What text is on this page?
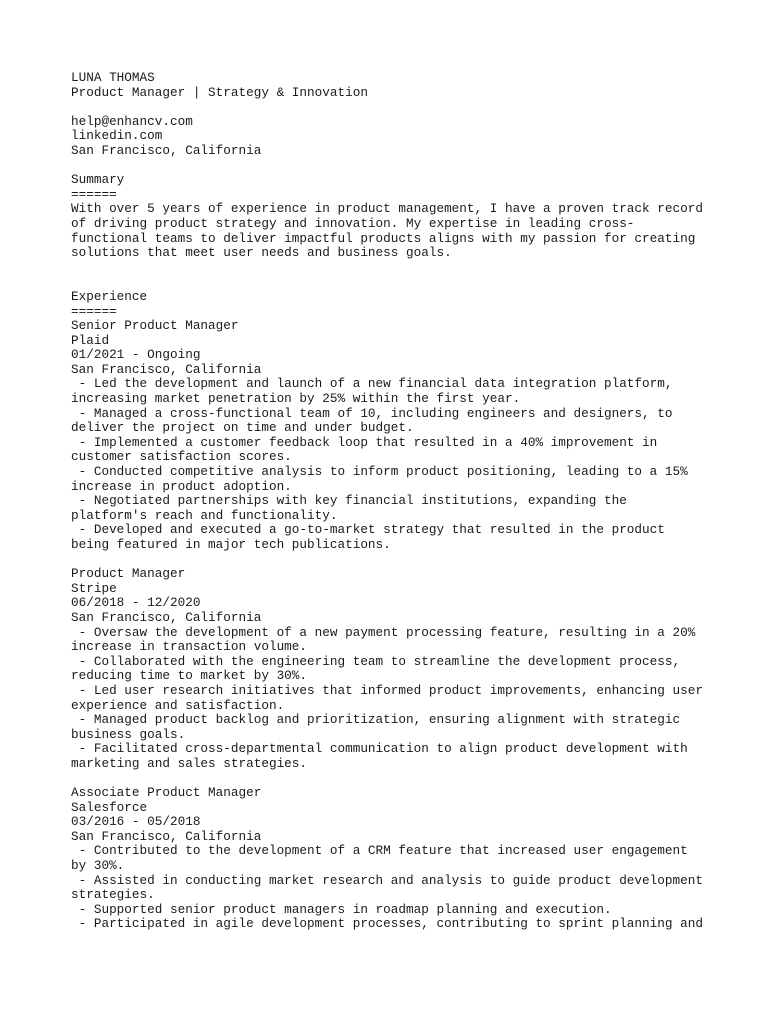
LUNA THOMAS
Product Manager | Strategy & Innovation
help@enhancv.com
linkedin.com
San Francisco, California
Summary
======
With over 5 years of experience in product management, I have a proven track record
of driving product strategy and innovation. My expertise in leading cross-
functional teams to deliver impactful products aligns with my passion for creating
solutions that meet user needs and business goals.
Experience
======
Senior Product Manager
Plaid
01/2021 - Ongoing
San Francisco, California
- Led the development and launch of a new financial data integration platform,
increasing market penetration by 25% within the first year.
- Managed a cross-functional team of 10, including engineers and designers, to
deliver the project on time and under budget.
- Implemented a customer feedback loop that resulted in a 40% improvement in
customer satisfaction scores.
- Conducted competitive analysis to inform product positioning, leading to a 15%
increase in product adoption.
- Negotiated partnerships with key financial institutions, expanding the
platform's reach and functionality.
- Developed and executed a go-to-market strategy that resulted in the product
being featured in major tech publications.
Product Manager
Stripe
06/2018 - 12/2020
San Francisco, California
- Oversaw the development of a new payment processing feature, resulting in a 20%
increase in transaction volume.
- Collaborated with the engineering team to streamline the development process,
reducing time to market by 30%.
- Led user research initiatives that informed product improvements, enhancing user
experience and satisfaction.
- Managed product backlog and prioritization, ensuring alignment with strategic
business goals.
- Facilitated cross-departmental communication to align product development with
marketing and sales strategies.
Associate Product Manager
Salesforce
03/2016 - 05/2018
San Francisco, California
- Contributed to the development of a CRM feature that increased user engagement
by 30%.
- Assisted in conducting market research and analysis to guide product development
strategies.
- Supported senior product managers in roadmap planning and execution.
- Participated in agile development processes, contributing to sprint planning and
